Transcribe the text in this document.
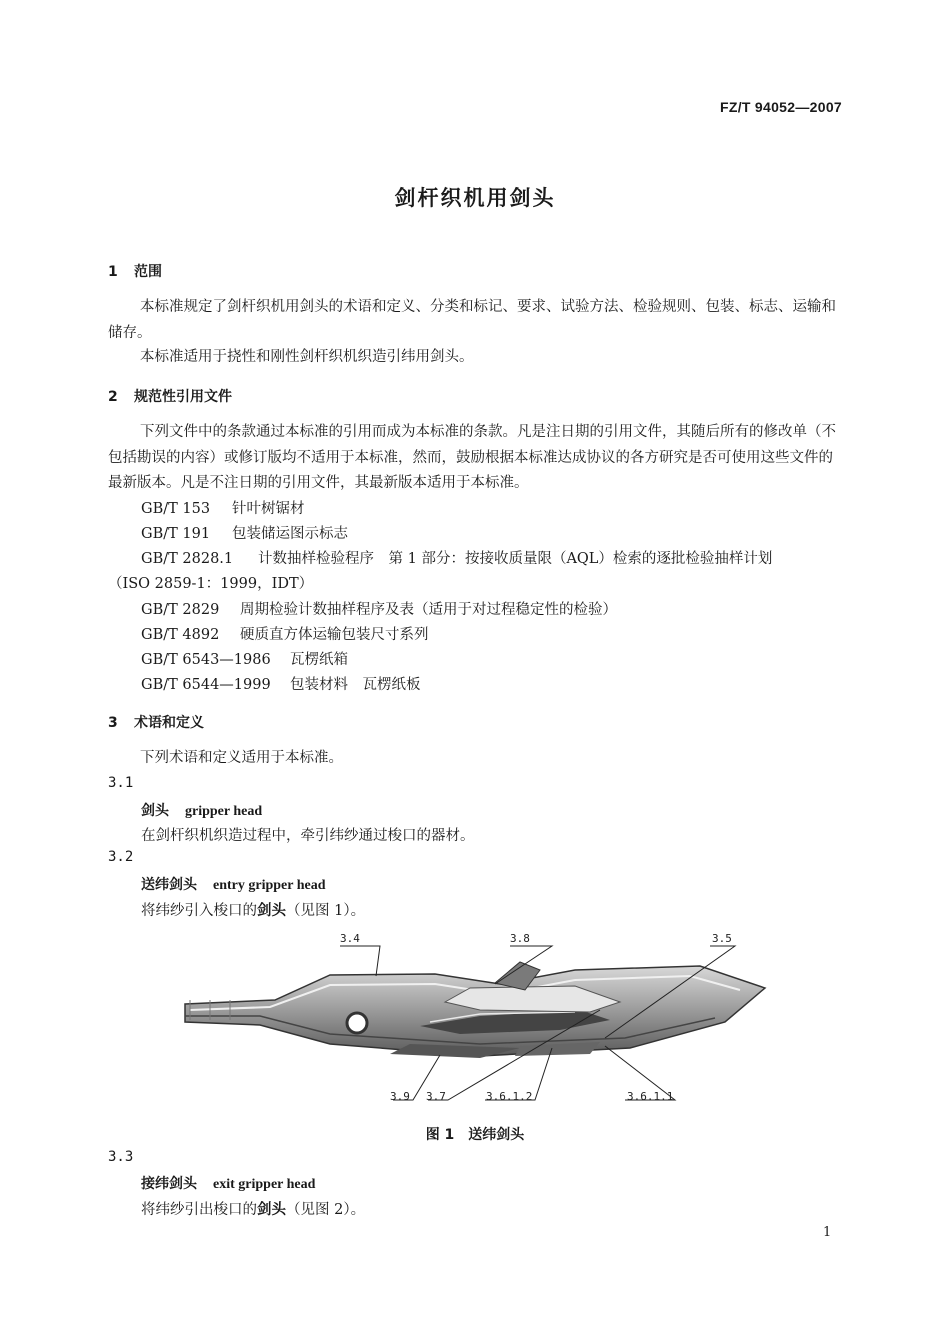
FZ/T 94052—2007
剑杆织机用剑头
1 范围
本标准规定了剑杆织机用剑头的术语和定义、分类和标记、要求、试验方法、检验规则、包装、标志、运输和储存。
本标准适用于挠性和刚性剑杆织机织造引纬用剑头。
2 规范性引用文件
下列文件中的条款通过本标准的引用而成为本标准的条款。凡是注日期的引用文件，其随后所有的修改单（不包括勘误的内容）或修订版均不适用于本标准，然而，鼓励根据本标准达成协议的各方研究是否可使用这些文件的最新版本。凡是不注日期的引用文件，其最新版本适用于本标准。
GB/T 153 针叶树锯材
GB/T 191 包装储运图示标志
GB/T 2828.1 计数抽样检验程序　第 1 部分：按接收质量限（AQL）检索的逐批检验抽样计划
（ISO 2859-1：1999，IDT）
GB/T 2829 周期检验计数抽样程序及表（适用于对过程稳定性的检验）
GB/T 4892 硬质直方体运输包装尺寸系列
GB/T 6543—1986 瓦楞纸箱
GB/T 6544—1999 包装材料　瓦楞纸板
3 术语和定义
下列术语和定义适用于本标准。
3.1
剑头 gripper head
在剑杆织机织造过程中，牵引纬纱通过梭口的器材。
3.2
送纬剑头 entry gripper head
将纬纱引入梭口的剑头（见图 1）。
3.4	3.8	3.5
3.9 3.7	3.6.1.2	3.6.1.1
图 1　送纬剑头
3.3
接纬剑头 exit gripper head
将纬纱引出梭口的剑头（见图 2）。
1
